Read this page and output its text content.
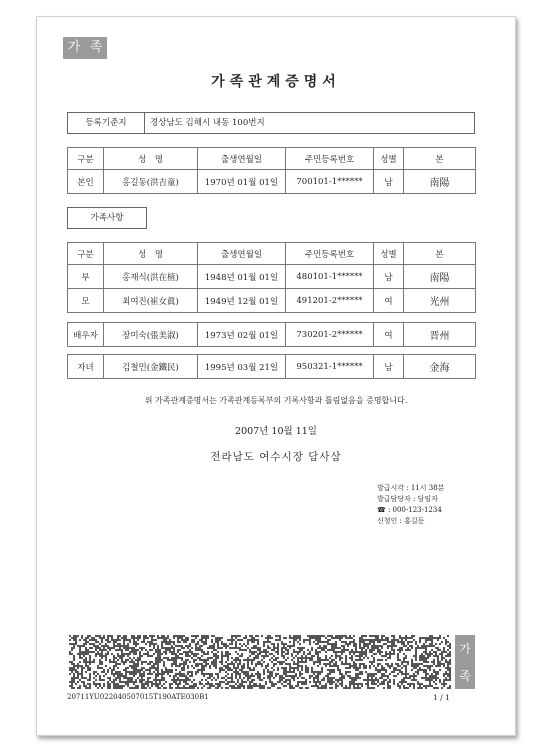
가 족
가족관계증명서
등록기준지	경상남도 김해시 내동 100번지
구분	성　명	출생연월일	주민등록번호	성별	본
본인	홍길동(洪吉童)	1970년 01월 01일	700101-1******	남	南陽
가족사항
구분	성　명	출생연월일	주민등록번호	성별	본
부	홍재식(洪在植)	1948년 01월 01일	480101-1******	남	南陽
모	최여진(崔女眞)	1949년 12월 01일	491201-2******	여	光州
배우자	장미숙(張美淑)	1973년 02월 01일	730201-2******	여	晋州
자녀	김철민(金鐵民)	1995년 03월 21일	950321-1******	남	金海
위 가족관계증명서는 가족관계등록부의 기록사항과 틀림없음을 증명합니다.
2007년 10월 11일
전라남도 여수시장 담사삼
발급시각 : 11시 38분
발급담당자 : 담임자
☎ : 000-123-1234
신청인 : 홍길동
가
족
20711YU022040507015T190ATE030B1	1 / 1
